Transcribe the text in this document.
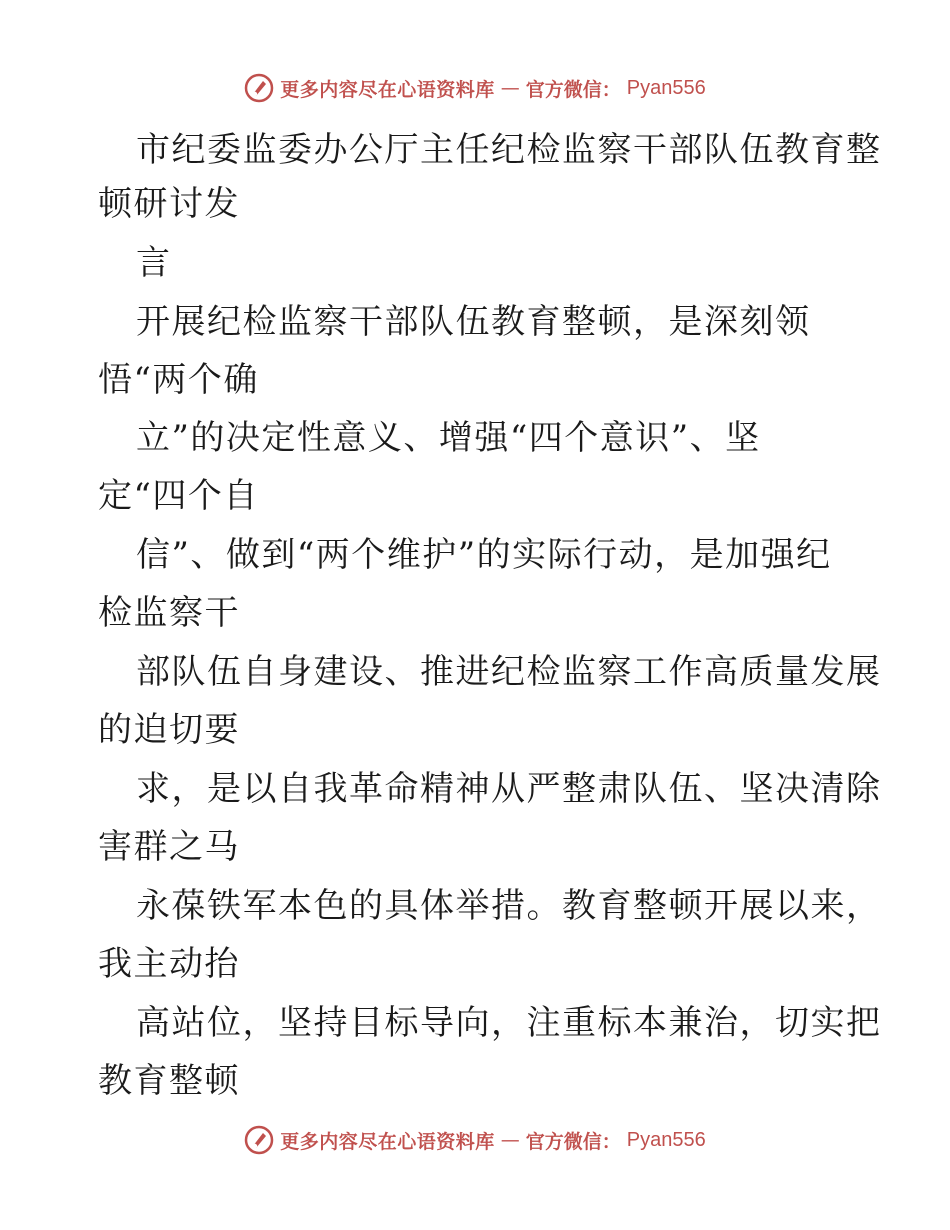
更多内容尽在心语资料库 — 官方微信： Pyan556
市纪委监委办公厅主任纪检监察干部队伍教育整
顿研讨发
言
开展纪检监察干部队伍教育整顿，是深刻领
悟“两个确
立”的决定性意义、增强“四个意识”、坚
定“四个自
信”、做到“两个维护”的实际行动，是加强纪
检监察干
部队伍自身建设、推进纪检监察工作高质量发展
的迫切要
求，是以自我革命精神从严整肃队伍、坚决清除
害群之马
永葆铁军本色的具体举措。教育整顿开展以来，
我主动抬
高站位，坚持目标导向，注重标本兼治，切实把
教育整顿
更多内容尽在心语资料库 — 官方微信： Pyan556
